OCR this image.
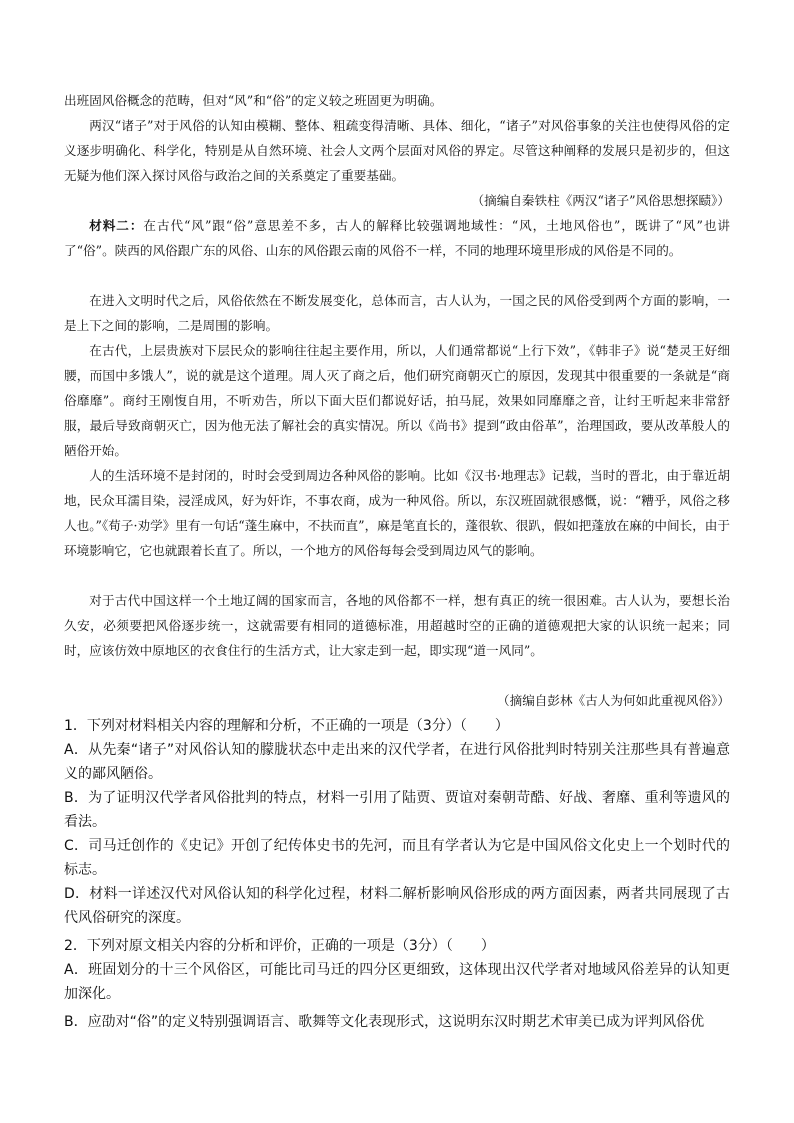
出班固风俗概念的范畴，但对“风”和“俗”的定义较之班固更为明确。

两汉“诸子”对于风俗的认知由模糊、整体、粗疏变得清晰、具体、细化，“诸子”对风俗事象的关注也使得风俗的定义逐步明确化、科学化，特别是从自然环境、社会人文两个层面对风俗的界定。尽管这种阐释的发展只是初步的，但这无疑为他们深入探讨风俗与政治之间的关系奠定了重要基础。

（摘编自秦铁柱《两汉“诸子”风俗思想探赜》）

材料二：在古代“风”跟“俗”意思差不多，古人的解释比较强调地域性：“风，土地风俗也”，既讲了“风”也讲了“俗”。陕西的风俗跟广东的风俗、山东的风俗跟云南的风俗不一样，不同的地理环境里形成的风俗是不同的。

在进入文明时代之后，风俗依然在不断发展变化，总体而言，古人认为，一国之民的风俗受到两个方面的影响，一是上下之间的影响，二是周围的影响。

在古代，上层贵族对下层民众的影响往往起主要作用，所以，人们通常都说“上行下效”，《韩非子》说“楚灵王好细腰，而国中多饿人”，说的就是这个道理。周人灭了商之后，他们研究商朝灭亡的原因，发现其中很重要的一条就是“商俗靡靡”。商纣王刚愎自用，不听劝告，所以下面大臣们都说好话，拍马屁，效果如同靡靡之音，让纣王听起来非常舒服，最后导致商朝灭亡，因为他无法了解社会的真实情况。所以《尚书》提到“政由俗革”，治理国政，要从改革般人的陋俗开始。

人的生活环境不是封闭的，时时会受到周边各种风俗的影响。比如《汉书·地理志》记载，当时的晋北，由于靠近胡地，民众耳濡目染，浸淫成风，好为奸诈，不事农商，成为一种风俗。所以，东汉班固就很感慨，说：“糟乎，风俗之移人也。”《荀子·劝学》里有一句话“蓬生麻中，不扶而直”，麻是笔直长的，蓬很软、很趴，假如把蓬放在麻的中间长，由于环境影响它，它也就跟着长直了。所以，一个地方的风俗每每会受到周边风气的影响。

对于古代中国这样一个土地辽阔的国家而言，各地的风俗都不一样，想有真正的统一很困难。古人认为，要想长治久安，必须要把风俗逐步统一，这就需要有相同的道德标准，用超越时空的正确的道德观把大家的认识统一起来；同时，应该仿效中原地区的衣食住行的生活方式，让大家走到一起，即实现“道一风同”。

（摘编自彭林《古人为何如此重视风俗》）

1．下列对材料相关内容的理解和分析，不正确的一项是（3分）（　　）

A．从先秦“诸子”对风俗认知的朦胧状态中走出来的汉代学者，在进行风俗批判时特别关注那些具有普遍意义的鄙风陋俗。

B．为了证明汉代学者风俗批判的特点，材料一引用了陆贾、贾谊对秦朝苛酷、好战、奢靡、重利等遗风的看法。

C．司马迁创作的《史记》开创了纪传体史书的先河，而且有学者认为它是中国风俗文化史上一个划时代的标志。

D．材料一详述汉代对风俗认知的科学化过程，材料二解析影响风俗形成的两方面因素，两者共同展现了古代风俗研究的深度。

2．下列对原文相关内容的分析和评价，正确的一项是（3分）（　　）

A．班固划分的十三个风俗区，可能比司马迁的四分区更细致，这体现出汉代学者对地域风俗差异的认知更加深化。

B．应劭对“俗”的定义特别强调语言、歌舞等文化表现形式，这说明东汉时期艺术审美已成为评判风俗优
